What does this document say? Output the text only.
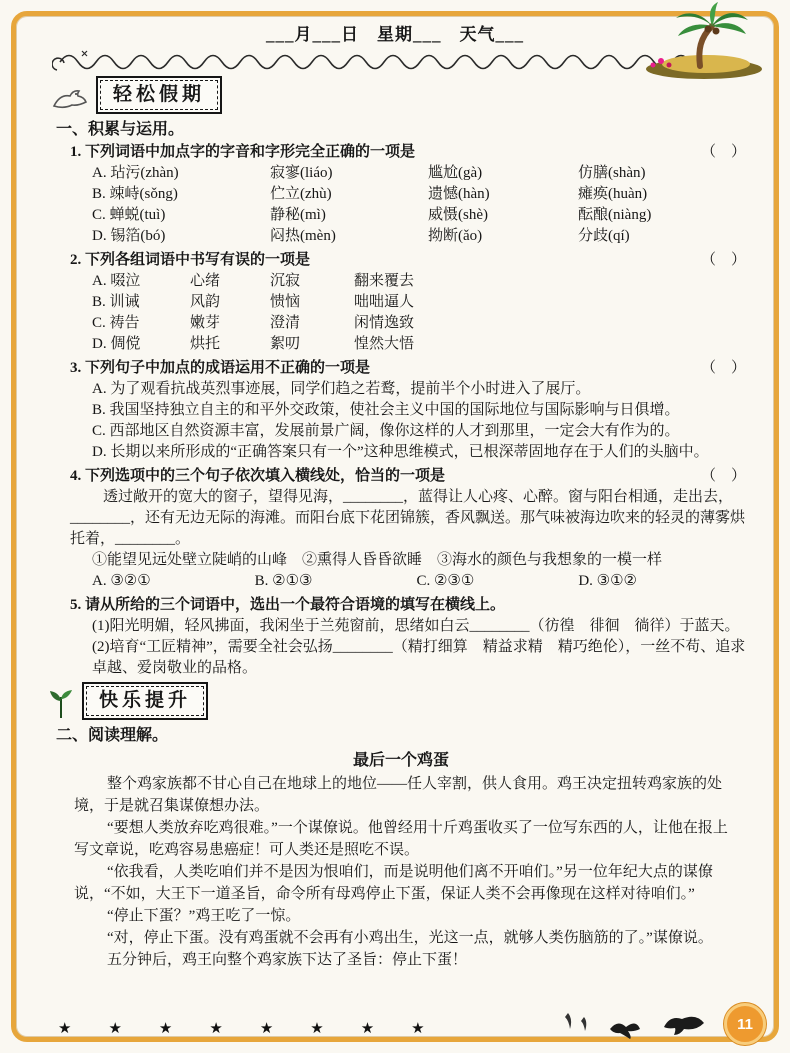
___月___日　星期___　天气___
轻松假期
一、积累与运用。
1. 下列词语中加点字的字音和字形完全正确的一项是	（　）
A. 玷污(zhàn)	寂寥(liáo)	尴尬(gà)	仿膳(shàn)
B. 竦峙(sǒng)	伫立(zhù)	遗憾(hàn)	瘫痪(huàn)
C. 蝉蜕(tuì)	静秘(mì)	威慑(shè)	酝酿(niàng)
D. 锡箔(bó)	闷热(mèn)	拗断(ǎo)	分歧(qí)
2. 下列各组词语中书写有误的一项是	（　）
A. 啜泣	心绪	沉寂	翻来覆去
B. 训诫	风韵	愦恼	咄咄逼人
C. 祷告	嫩芽	澄清	闲情逸致
D. 倜傥	烘托	絮叨	惶然大悟
3. 下列句子中加点的成语运用不正确的一项是	（　）
A. 为了观看抗战英烈事迹展，同学们趋之若鹜，提前半个小时进入了展厅。
B. 我国坚持独立自主的和平外交政策，使社会主义中国的国际地位与国际影响与日俱增。
C. 西部地区自然资源丰富，发展前景广阔，像你这样的人才到那里，一定会大有作为的。
D. 长期以来所形成的“正确答案只有一个”这种思维模式，已根深蒂固地存在于人们的头脑中。
4. 下列选项中的三个句子依次填入横线处，恰当的一项是	（　）
透过敞开的宽大的窗子，望得见海，________，蓝得让人心疼、心醉。窗与阳台相通，走出去，________，还有无边无际的海滩。而阳台底下花团锦簇，香风飘送。那气味被海边吹来的轻灵的薄雾烘托着，________。
①能望见远处壁立陡峭的山峰　②熏得人昏昏欲睡　③海水的颜色与我想象的一模一样
A. ③②①	B. ②①③	C. ②③①	D. ③①②
5. 请从所给的三个词语中，选出一个最符合语境的填写在横线上。
(1)阳光明媚，轻风拂面，我闲坐于兰苑窗前，思绪如白云________（彷徨　徘徊　徜徉）于蓝天。
(2)培育“工匠精神”，需要全社会弘扬________（精打细算　精益求精　精巧绝伦），一丝不苟、追求卓越、爱岗敬业的品格。
快乐提升
二、阅读理解。
最后一个鸡蛋

整个鸡家族都不甘心自己在地球上的地位——任人宰割，供人食用。鸡王决定扭转鸡家族的处境，于是就召集谋僚想办法。

“要想人类放弃吃鸡很难。”一个谋僚说。他曾经用十斤鸡蛋收买了一位写东西的人，让他在报上写文章说，吃鸡容易患癌症！可人类还是照吃不误。

“依我看，人类吃咱们并不是因为恨咱们，而是说明他们离不开咱们。”另一位年纪大点的谋僚说，“不如，大王下一道圣旨，命令所有母鸡停止下蛋，保证人类不会再像现在这样对待咱们。”

“停止下蛋？”鸡王吃了一惊。

“对，停止下蛋。没有鸡蛋就不会再有小鸡出生，光这一点，就够人类伤脑筋的了。”谋僚说。

五分钟后，鸡王向整个鸡家族下达了圣旨：停止下蛋！

★ ★ ★ ★ ★ ★ ★ ★	11
